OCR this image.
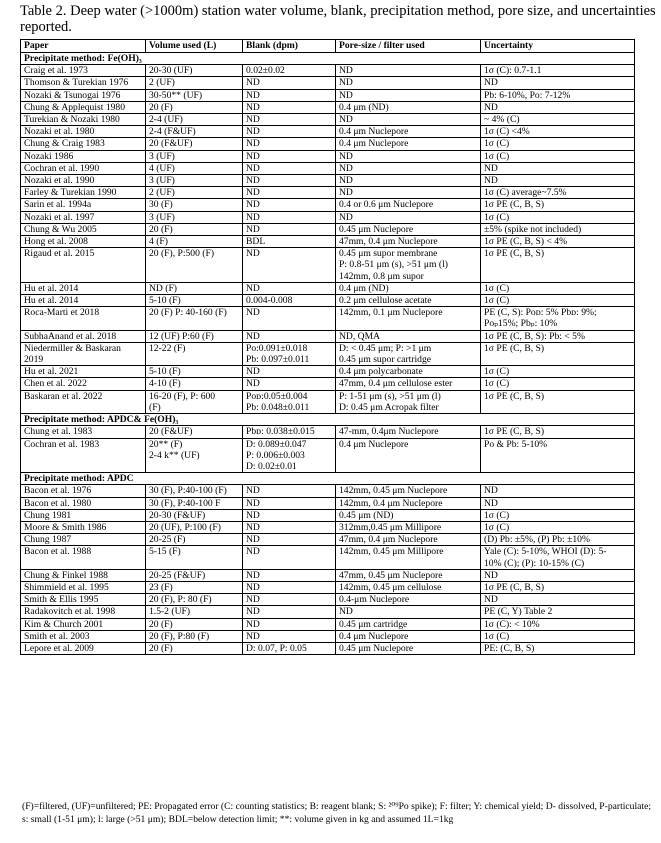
Table 2. Deep water (>1000m) station water volume, blank, precipitation method, pore size, and uncertainties reported.
Paper	Volume used (L)	Blank (dpm)	Pore-size / filter used	Uncertainty
Precipitate method: Fe(OH)₃				
Craig et al. 1973	20-30 (UF)	0.02±0.02	ND	1σ (C): 0.7-1.1
Thomson & Turekian 1976	2 (UF)	ND	ND	ND
Nozaki & Tsunogai 1976	30-50** (UF)	ND	ND	Pb: 6-10%, Po: 7-12%
Chung & Applequist 1980	20 (F)	ND	0.4 μm (ND)	ND
Turekian & Nozaki 1980	2-4 (UF)	ND	ND	~ 4% (C)
Nozaki et al. 1980	2-4 (F&UF)	ND	0.4 μm Nuclepore	1σ (C) <4%
Chung & Craig 1983	20 (F&UF)	ND	0.4 μm Nuclepore	1σ (C)
Nozaki 1986	3 (UF)	ND	ND	1σ (C)
Cochran et al. 1990	4 (UF)	ND	ND	ND
Nozaki et al. 1990	3 (UF)	ND	ND	ND
Farley & Turekian 1990	2 (UF)	ND	ND	1σ (C) average~7.5%
Sarin et al. 1994a	30 (F)	ND	0.4 or 0.6 μm Nuclepore	1σ PE (C, B, S)
Nozaki et al. 1997	3 (UF)	ND	ND	1σ (C)
Chung & Wu 2005	20 (F)	ND	0.45 μm Nuclepore	±5% (spike not included)
Hong et al. 2008	4 (F)	BDL	47mm, 0.4 μm Nuclepore	1σ PE (C, B, S) < 4%
Rigaud et al. 2015	20 (F), P:500 (F)	ND	0.45 μm supor membrane
P: 0.8-51 μm (s), >51 μm (l)
142mm, 0.8 μm supor	1σ PE (C, B, S)
Hu et al. 2014	ND (F)	ND	0.4 μm (ND)	1σ (C)
Hu et al. 2014	5-10 (F)	0.004-0.008	0.2 μm cellulose acetate	1σ (C)
Roca-Marti et 2018	20 (F) P: 40-160 (F)	ND	142mm, 0.1 μm Nuclepore	PE (C, S): Poᴅ: 5% Pbᴅ: 9%;
Poₚ15%; Pbₚ: 10%
SubhaAnand et al. 2018	12 (UF) P:60 (F)	ND	ND, QMA	1σ PE (C, B, S): Pb: < 5%
Niedermiller & Baskaran
2019	12-22 (F)	Po:0.091±0.018
Pb: 0.097±0.011	D: < 0.45 μm; P: >1 μm
0.45 μm supor cartridge	1σ PE (C, B, S)
Hu et al. 2021	5-10 (F)	ND	0.4 μm polycarbonate	1σ (C)
Chen et al. 2022	4-10 (F)	ND	47mm, 0.4 μm cellulose ester	1σ (C)
Baskaran et al. 2022	16-20 (F), P: 600
(F)	Poᴅ:0.05±0.004
Pb: 0.048±0.011	P: 1-51 μm (s), >51 μm (l)
D: 0.45 μm Acropak filter	1σ PE (C, B, S)
Precipitate method: APDC& Fe(OH)₃				
Chung et al. 1983	20 (F&UF)	Pbᴅ: 0.038±0.015	47-mm, 0.4μm Nuclepore	1σ PE (C, B, S)
Cochran et al. 1983	20** (F)
2-4 k** (UF)	D: 0.089±0.047
P: 0.006±0.003
D: 0.02±0.01	0.4 μm Nuclepore	Po & Pb: 5-10%
Precipitate method: APDC				
Bacon et al. 1976	30 (F), P:40-100 (F)	ND	142mm, 0.45 μm Nuclepore	ND
Bacon et al. 1980	30 (F), P:40-100 F	ND	142mm, 0.4 μm Nuclepore	ND
Chung 1981	20-30 (F&UF)	ND	0.45 μm (ND)	1σ (C)
Moore & Smith 1986	20 (UF), P:100 (F)	ND	312mm,0.45 μm Millipore	1σ (C)
Chung 1987	20-25 (F)	ND	47mm, 0.4 μm Nuclepore	(D) Pb: ±5%, (P) Pb: ±10%
Bacon et al. 1988	5-15 (F)	ND	142mm, 0.45 μm Millipore	Yale (C): 5-10%, WHOI (D): 5-
10% (C); (P): 10-15% (C)
Chung & Finkel 1988	20-25 (F&UF)	ND	47mm, 0.45 μm Nuclepore	ND
Shimmield et al. 1995	23 (F)	ND	142mm, 0.45 μm cellulose	1σ PE (C, B, S)
Smith & Ellis 1995	20 (F), P: 80 (F)	ND	0.4-μm Nuclepore	ND
Radakovitch et al. 1998	1.5-2 (UF)	ND	ND	PE (C, Y) Table 2
Kim & Church 2001	20 (F)	ND	0.45 μm cartridge	1σ (C): < 10%
Smith et al. 2003	20 (F), P:80 (F)	ND	0.4 μm Nuclepore	1σ (C)
Lepore et al. 2009	20 (F)	D: 0.07, P: 0.05	0.45 μm Nuclepore	PE: (C, B, S)
(F)=filtered, (UF)=unfiltered; PE: Propagated error (C: counting statistics; B: reagent blank; S: ²⁰⁹Po spike); F: filter; Y: chemical yield; D- dissolved, P-particulate; s: small (1-51 μm); l: large (>51 μm); BDL=below detection limit; **: volume given in kg and assumed 1L=1kg
